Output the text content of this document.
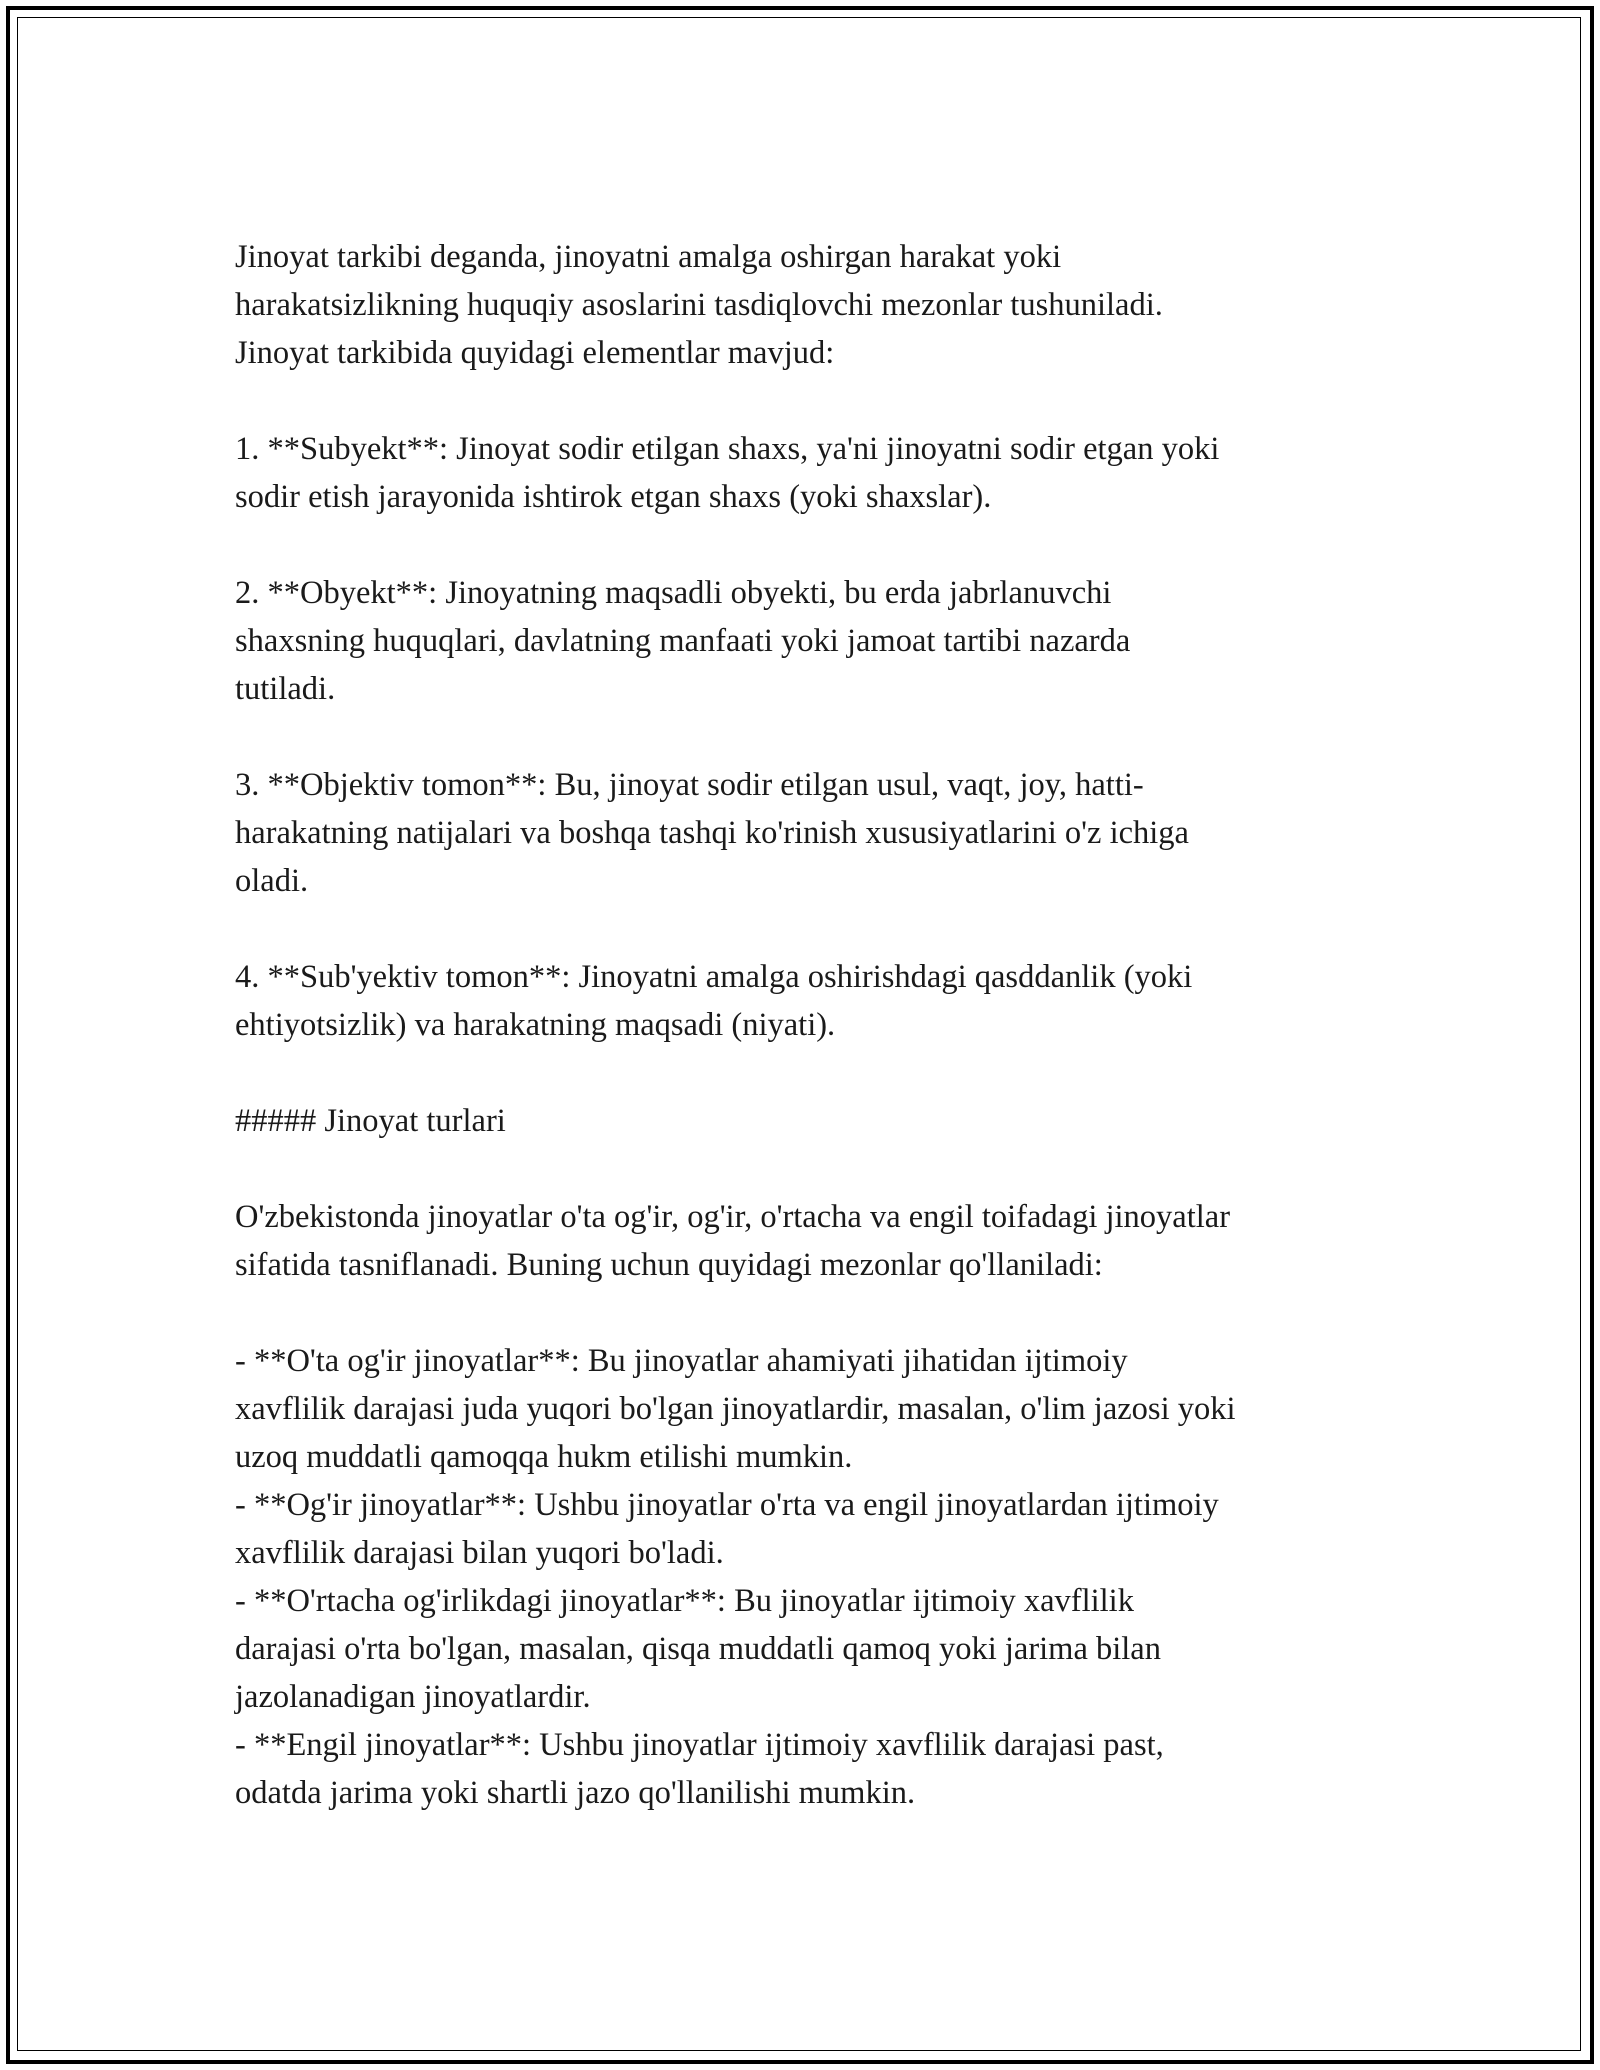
Jinoyat tarkibi deganda, jinoyatni amalga oshirgan harakat yoki
harakatsizlikning huquqiy asoslarini tasdiqlovchi mezonlar tushuniladi.
Jinoyat tarkibida quyidagi elementlar mavjud:

1. **Subyekt**: Jinoyat sodir etilgan shaxs, ya'ni jinoyatni sodir etgan yoki
sodir etish jarayonida ishtirok etgan shaxs (yoki shaxslar).

2. **Obyekt**: Jinoyatning maqsadli obyekti, bu erda jabrlanuvchi
shaxsning huquqlari, davlatning manfaati yoki jamoat tartibi nazarda
tutiladi.

3. **Objektiv tomon**: Bu, jinoyat sodir etilgan usul, vaqt, joy, hatti-
harakatning natijalari va boshqa tashqi ko'rinish xususiyatlarini o'z ichiga
oladi.

4. **Sub'yektiv tomon**: Jinoyatni amalga oshirishdagi qasddanlik (yoki
ehtiyotsizlik) va harakatning maqsadi (niyati).

##### Jinoyat turlari

O'zbekistonda jinoyatlar o'ta og'ir, og'ir, o'rtacha va engil toifadagi jinoyatlar
sifatida tasniflanadi. Buning uchun quyidagi mezonlar qo'llaniladi:

- **O'ta og'ir jinoyatlar**: Bu jinoyatlar ahamiyati jihatidan ijtimoiy
xavflilik darajasi juda yuqori bo'lgan jinoyatlardir, masalan, o'lim jazosi yoki
uzoq muddatli qamoqqa hukm etilishi mumkin.
- **Og'ir jinoyatlar**: Ushbu jinoyatlar o'rta va engil jinoyatlardan ijtimoiy
xavflilik darajasi bilan yuqori bo'ladi.
- **O'rtacha og'irlikdagi jinoyatlar**: Bu jinoyatlar ijtimoiy xavflilik
darajasi o'rta bo'lgan, masalan, qisqa muddatli qamoq yoki jarima bilan
jazolanadigan jinoyatlardir.
- **Engil jinoyatlar**: Ushbu jinoyatlar ijtimoiy xavflilik darajasi past,
odatda jarima yoki shartli jazo qo'llanilishi mumkin.
